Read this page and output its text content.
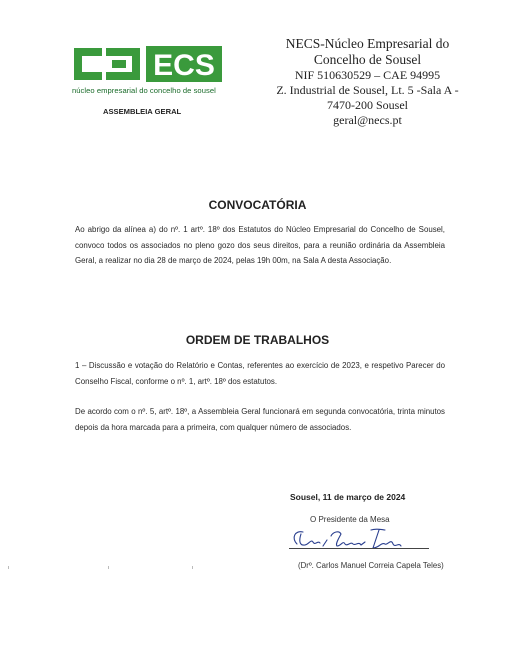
ECS
núcleo empresarial do concelho de sousel
ASSEMBLEIA GERAL
NECS-Núcleo Empresarial do
Concelho de Sousel
NIF 510630529 – CAE 94995
Z. Industrial de Sousel, Lt. 5 -Sala A -
7470-200 Sousel
geral@necs.pt
CONVOCATÓRIA
Ao abrigo da alínea a) do nº. 1 artº. 18º dos Estatutos do Núcleo Empresarial do Concelho de Sousel, convoco todos os associados no pleno gozo dos seus direitos, para a reunião ordinária da Assembleia Geral, a realizar no dia 28 de março de 2024, pelas 19h 00m, na Sala A desta Associação.
ORDEM DE TRABALHOS
1 – Discussão e votação do Relatório e Contas, referentes ao exercício de 2023, e respetivo Parecer do Conselho Fiscal, conforme o nº. 1, artº. 18º dos estatutos.
De acordo com o nº. 5, artº. 18º, a Assembleia Geral funcionará em segunda convocatória, trinta minutos depois da hora marcada para a primeira, com qualquer número de associados.
Sousel, 11 de março de 2024
O Presidente da Mesa
(Drº. Carlos Manuel Correia Capela Teles)
